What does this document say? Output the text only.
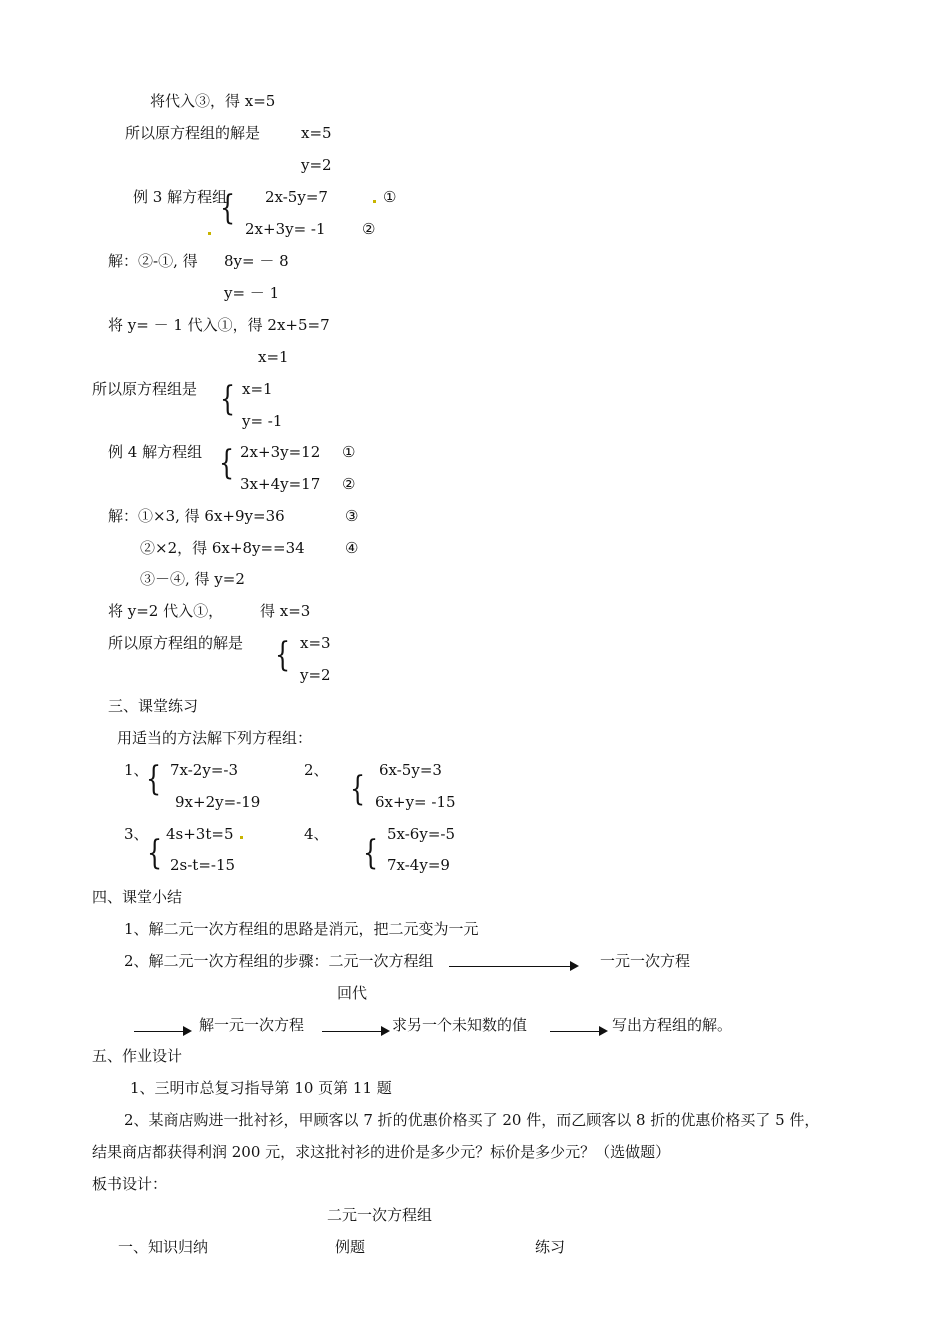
将代入③，得 x=5
所以原方程组的解是	x=5
y=2
例 3 解方程组
{ 2x-5y=7	①
2x+3y= -1 ②
解：②-①, 得 8y= － 8
y= － 1
将 y= － 1 代入①，得 2x+5=7
x=1
所以原方程组是 { x=1
y= -1
例 4 解方程组 { 2x+3y=12 ①
3x+4y=17 ②
解：①×3, 得 6x+9y=36	③
②×2，得 6x+8y==34	④
③－④, 得 y=2
将 y=2 代入①， 得 x=3
所以原方程组的解是 { x=3
y=2
三、课堂练习
用适当的方法解下列方程组：
1、
{ 7x-2y=-3
9x+2y=-19
2、 { 6x-5y=3
6x+y= -15
3、
{ 4s+3t=5
2s-t=-15
4、 { 5x-6y=-5
7x-4y=9
四、课堂小结
1、解二元一次方程组的思路是消元，把二元变为一元
2、解二元一次方程组的步骤：二元一次方程组	一元一次方程
回代
解一元一次方程	求另一个未知数的值	写出方程组的解。
五、作业设计
1、三明市总复习指导第 10 页第 11 题
2、某商店购进一批衬衫，甲顾客以 7 折的优惠价格买了 20 件，而乙顾客以 8 折的优惠价格买了 5 件，
结果商店都获得利润 200 元，求这批衬衫的进价是多少元？标价是多少元？（选做题）
板书设计：
二元一次方程组
一、知识归纳	例题	练习
